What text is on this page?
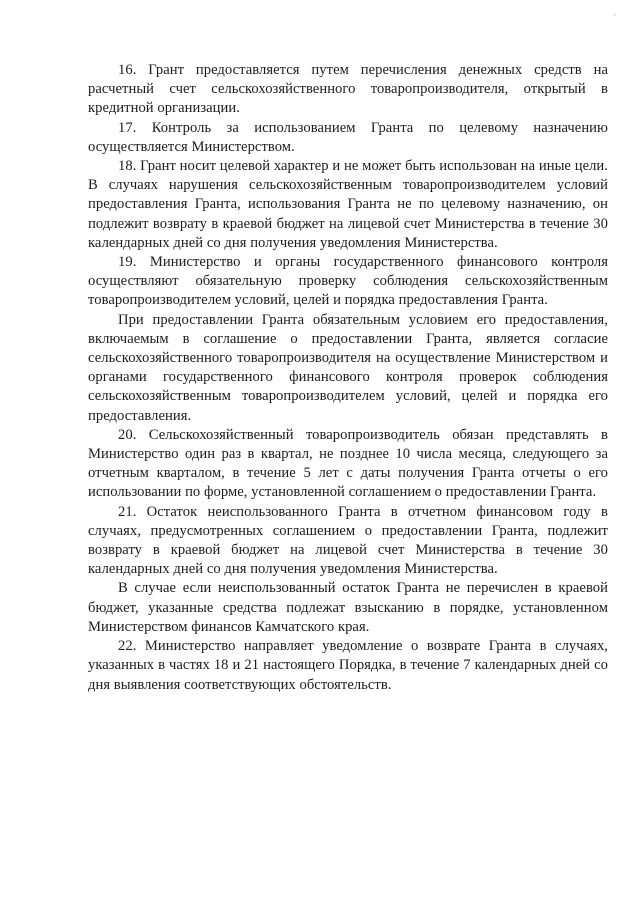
‘

16. Грант предоставляется путем перечисления денежных средств на расчетный счет сельскохозяйственного товаропроизводителя, открытый в кредитной организации.

17. Контроль за использованием Гранта по целевому назначению осуществляется Министерством.

18. Грант носит целевой характер и не может быть использован на иные цели. В случаях нарушения сельскохозяйственным товаропроизводителем условий предоставления Гранта, использования Гранта не по целевому назначению, он подлежит возврату в краевой бюджет на лицевой счет Министерства в течение 30 календарных дней со дня получения уведомления Министерства.

19. Министерство и органы государственного финансового контроля осуществляют обязательную проверку соблюдения сельскохозяйственным товаропроизводителем условий, целей и порядка предоставления Гранта.

При предоставлении Гранта обязательным условием его предоставления, включаемым в соглашение о предоставлении Гранта, является согласие сельскохозяйственного товаропроизводителя на осуществление Министерством и органами государственного финансового контроля проверок соблюдения сельскохозяйственным товаропроизводителем условий, целей и порядка его предоставления.

20. Сельскохозяйственный товаропроизводитель обязан представлять в Министерство один раз в квартал, не позднее 10 числа месяца, следующего за отчетным кварталом, в течение 5 лет с даты получения Гранта отчеты о его использовании по форме, установленной соглашением о предоставлении Гранта.

21. Остаток неиспользованного Гранта в отчетном финансовом году в случаях, предусмотренных соглашением о предоставлении Гранта, подлежит возврату в краевой бюджет на лицевой счет Министерства в течение 30 календарных дней со дня получения уведомления Министерства.

В случае если неиспользованный остаток Гранта не перечислен в краевой бюджет, указанные средства подлежат взысканию в порядке, установленном Министерством финансов Камчатского края.

22. Министерство направляет уведомление о возврате Гранта в случаях, указанных в частях 18 и 21 настоящего Порядка, в течение 7 календарных дней со дня выявления соответствующих обстоятельств.
